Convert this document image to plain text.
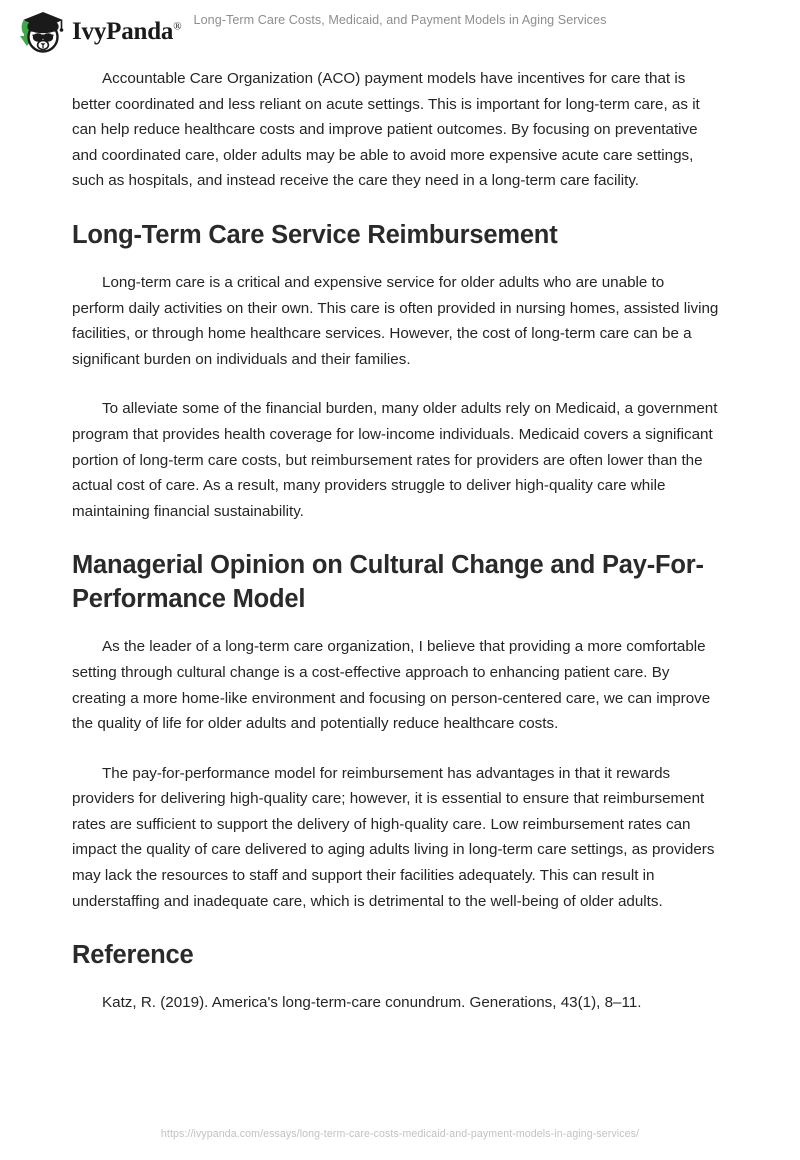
IvyPanda® Long-Term Care Costs, Medicaid, and Payment Models in Aging Services

Accountable Care Organization (ACO) payment models have incentives for care that is better coordinated and less reliant on acute settings. This is important for long-term care, as it can help reduce healthcare costs and improve patient outcomes. By focusing on preventative and coordinated care, older adults may be able to avoid more expensive acute care settings, such as hospitals, and instead receive the care they need in a long-term care facility.

Long-Term Care Service Reimbursement

Long-term care is a critical and expensive service for older adults who are unable to perform daily activities on their own. This care is often provided in nursing homes, assisted living facilities, or through home healthcare services. However, the cost of long-term care can be a significant burden on individuals and their families.

To alleviate some of the financial burden, many older adults rely on Medicaid, a government program that provides health coverage for low-income individuals. Medicaid covers a significant portion of long-term care costs, but reimbursement rates for providers are often lower than the actual cost of care. As a result, many providers struggle to deliver high-quality care while maintaining financial sustainability.

Managerial Opinion on Cultural Change and Pay-For-Performance Model

As the leader of a long-term care organization, I believe that providing a more comfortable setting through cultural change is a cost-effective approach to enhancing patient care. By creating a more home-like environment and focusing on person-centered care, we can improve the quality of life for older adults and potentially reduce healthcare costs.

The pay-for-performance model for reimbursement has advantages in that it rewards providers for delivering high-quality care; however, it is essential to ensure that reimbursement rates are sufficient to support the delivery of high-quality care. Low reimbursement rates can impact the quality of care delivered to aging adults living in long-term care settings, as providers may lack the resources to staff and support their facilities adequately. This can result in understaffing and inadequate care, which is detrimental to the well-being of older adults.

Reference

Katz, R. (2019). America's long-term-care conundrum. Generations, 43(1), 8–11.

https://ivypanda.com/essays/long-term-care-costs-medicaid-and-payment-models-in-aging-services/
